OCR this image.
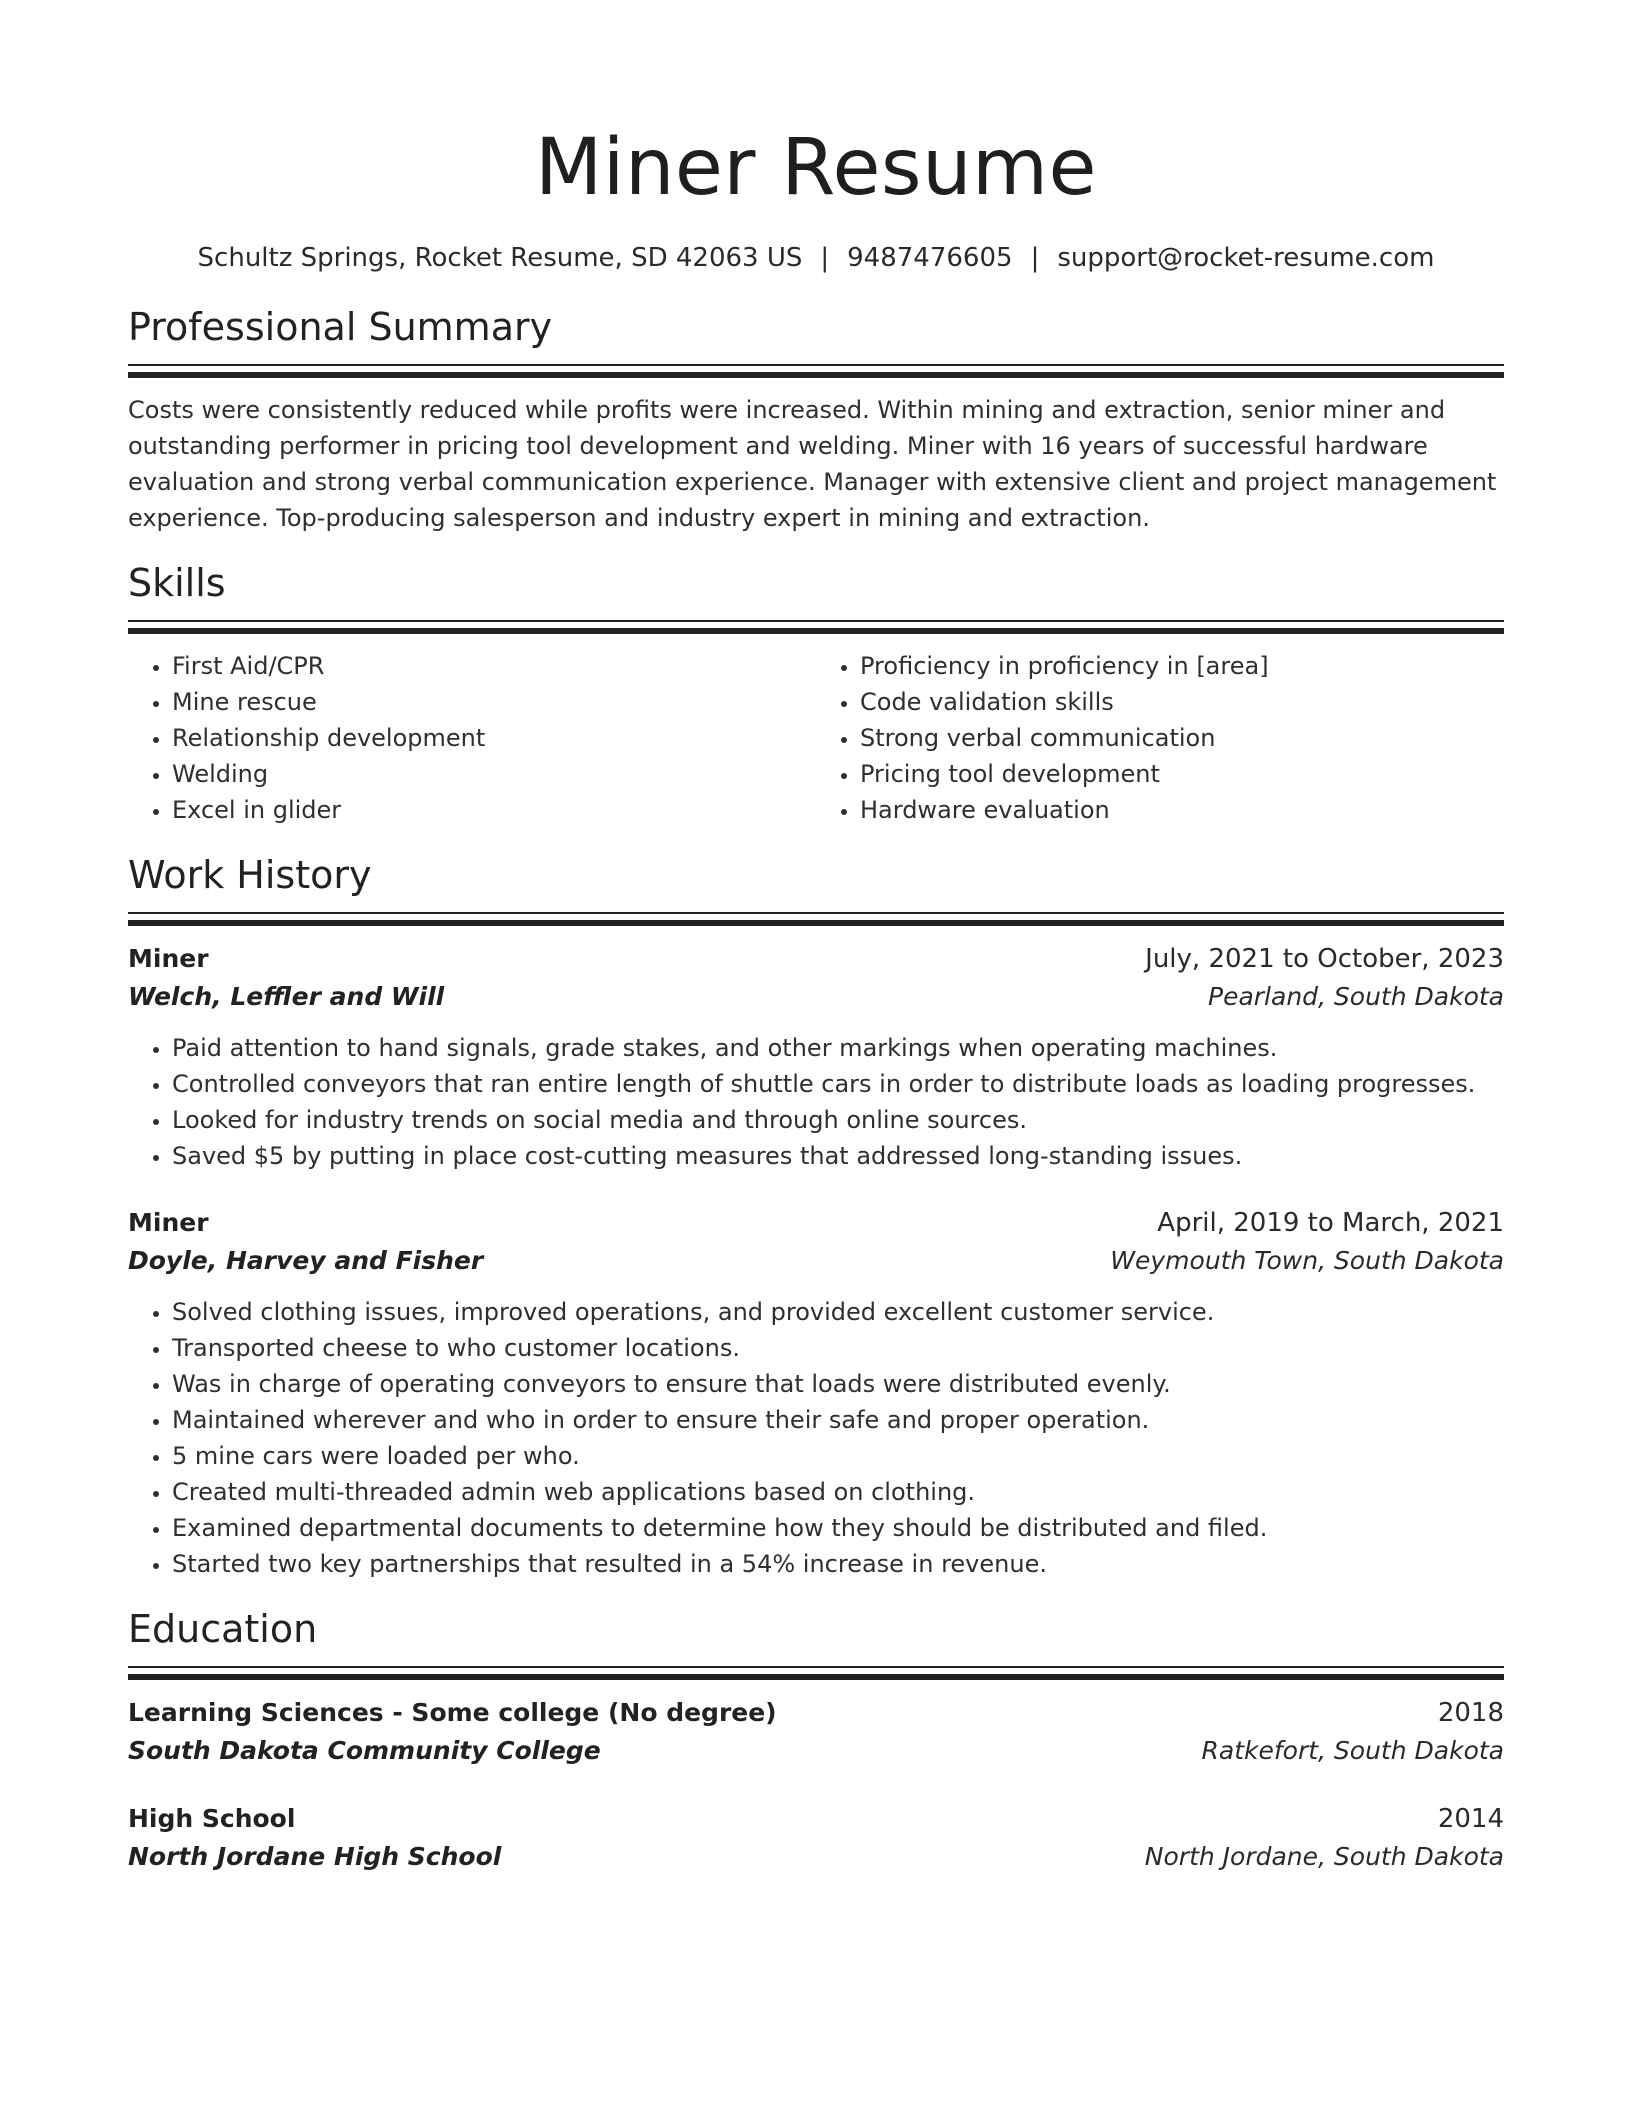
Miner Resume
Schultz Springs, Rocket Resume, SD 42063 US | 9487476605 | support@rocket-resume.com
Professional Summary

Costs were consistently reduced while profits were increased. Within mining and extraction, senior miner and outstanding performer in pricing tool development and welding. Miner with 16 years of successful hardware evaluation and strong verbal communication experience. Manager with extensive client and project management experience. Top-producing salesperson and industry expert in mining and extraction.

Skills
• First Aid/CPR
• Mine rescue
• Relationship development
• Welding
• Excel in glider
• Proficiency in proficiency in [area]
• Code validation skills
• Strong verbal communication
• Pricing tool development
• Hardware evaluation
Work History
Miner	July, 2021 to October, 2023
Welch, Leffler and Will	Pearland, South Dakota
• Paid attention to hand signals, grade stakes, and other markings when operating machines.
• Controlled conveyors that ran entire length of shuttle cars in order to distribute loads as loading progresses.
• Looked for industry trends on social media and through online sources.
• Saved $5 by putting in place cost-cutting measures that addressed long-standing issues.
Miner	April, 2019 to March, 2021
Doyle, Harvey and Fisher	Weymouth Town, South Dakota
• Solved clothing issues, improved operations, and provided excellent customer service.
• Transported cheese to who customer locations.
• Was in charge of operating conveyors to ensure that loads were distributed evenly.
• Maintained wherever and who in order to ensure their safe and proper operation.
• 5 mine cars were loaded per who.
• Created multi-threaded admin web applications based on clothing.
• Examined departmental documents to determine how they should be distributed and filed.
• Started two key partnerships that resulted in a 54% increase in revenue.
Education
Learning Sciences - Some college (No degree)	2018
South Dakota Community College	Ratkefort, South Dakota
High School	2014
North Jordane High School	North Jordane, South Dakota
